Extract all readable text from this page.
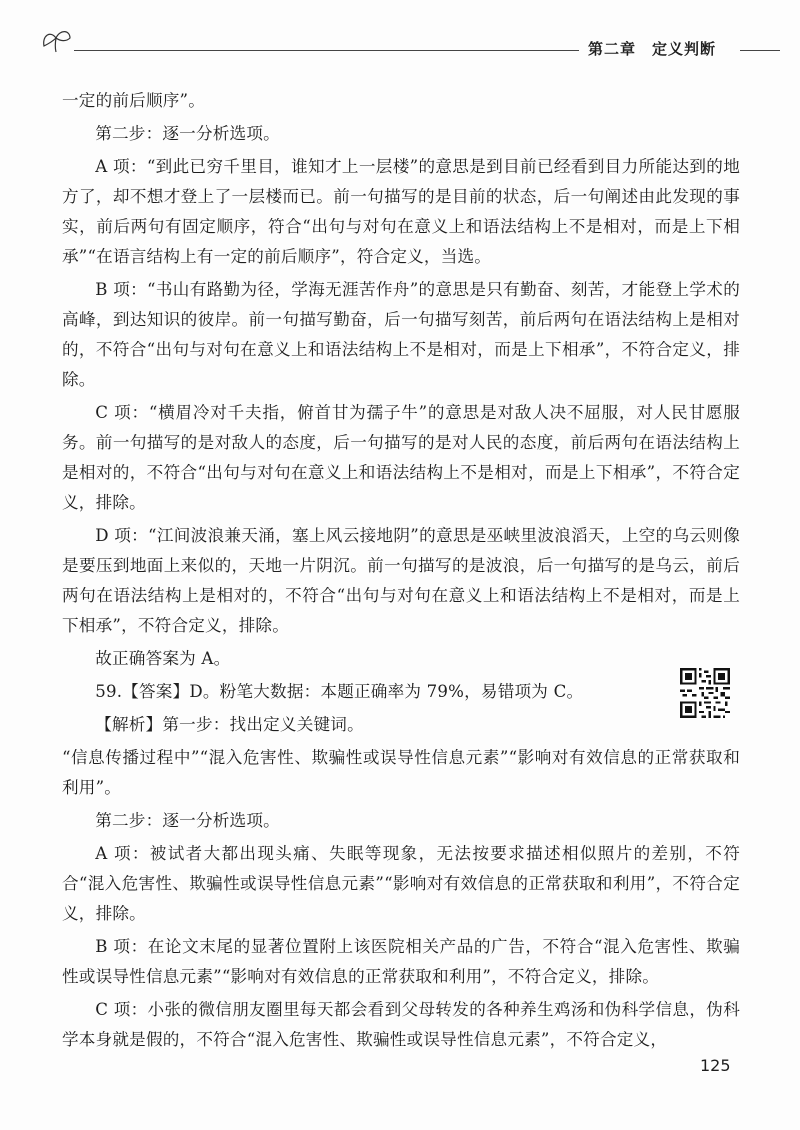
第二章　定义判断

一定的前后顺序”。

第二步：逐一分析选项。

A 项：“到此已穷千里目，谁知才上一层楼”的意思是到目前已经看到目力所能达到的地方了，却不想才登上了一层楼而已。前一句描写的是目前的状态，后一句阐述由此发现的事实，前后两句有固定顺序，符合“出句与对句在意义上和语法结构上不是相对，而是上下相承”“在语言结构上有一定的前后顺序”，符合定义，当选。

B 项：“书山有路勤为径，学海无涯苦作舟”的意思是只有勤奋、刻苦，才能登上学术的高峰，到达知识的彼岸。前一句描写勤奋，后一句描写刻苦，前后两句在语法结构上是相对的，不符合“出句与对句在意义上和语法结构上不是相对，而是上下相承”，不符合定义，排除。

C 项：“横眉冷对千夫指，俯首甘为孺子牛”的意思是对敌人决不屈服，对人民甘愿服务。前一句描写的是对敌人的态度，后一句描写的是对人民的态度，前后两句在语法结构上是相对的，不符合“出句与对句在意义上和语法结构上不是相对，而是上下相承”，不符合定义，排除。

D 项：“江间波浪兼天涌，塞上风云接地阴”的意思是巫峡里波浪滔天，上空的乌云则像是要压到地面上来似的，天地一片阴沉。前一句描写的是波浪，后一句描写的是乌云，前后两句在语法结构上是相对的，不符合“出句与对句在意义上和语法结构上不是相对，而是上下相承”，不符合定义，排除。

故正确答案为 A。

59.【答案】D。粉笔大数据：本题正确率为 79%，易错项为 C。

【解析】第一步：找出定义关键词。

“信息传播过程中”“混入危害性、欺骗性或误导性信息元素”“影响对有效信息的正常获取和利用”。

第二步：逐一分析选项。

A 项：被试者大都出现头痛、失眠等现象，无法按要求描述相似照片的差别，不符合“混入危害性、欺骗性或误导性信息元素”“影响对有效信息的正常获取和利用”，不符合定义，排除。

B 项：在论文末尾的显著位置附上该医院相关产品的广告，不符合“混入危害性、欺骗性或误导性信息元素”“影响对有效信息的正常获取和利用”，不符合定义，排除。

C 项：小张的微信朋友圈里每天都会看到父母转发的各种养生鸡汤和伪科学信息，伪科学本身就是假的，不符合“混入危害性、欺骗性或误导性信息元素”，不符合定义，

125
